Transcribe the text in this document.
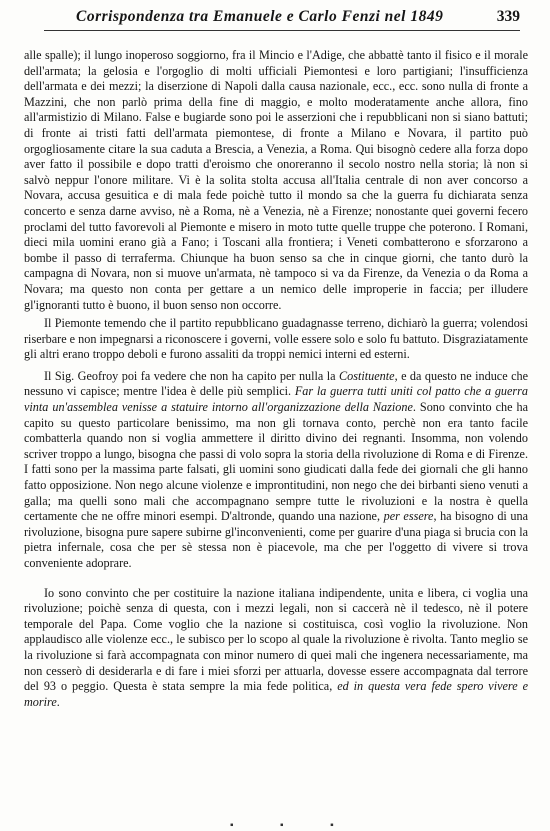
Corrispondenza tra Emanuele e Carlo Fenzi nel 1849	339

alle spalle); il lungo inoperoso soggiorno, fra il Mincio e l'Adige, che abbattè tanto il fisico e il morale dell'armata; la gelosia e l'orgoglio di molti ufficiali Piemontesi e loro partigiani; l'insufficienza dell'armata e dei mezzi; la diserzione di Napoli dalla causa nazionale, ecc., ecc. sono nulla di fronte a Mazzini, che non parlò prima della fine di maggio, e molto moderatamente anche allora, fino all'armistizio di Milano. False e bugiarde sono poi le asserzioni che i repubblicani non si siano battuti; di fronte ai tristi fatti dell'armata piemontese, di fronte a Milano e Novara, il partito può orgogliosamente citare la sua caduta a Brescia, a Venezia, a Roma. Qui bisognò cedere alla forza dopo aver fatto il possibile e dopo tratti d'eroismo che onoreranno il secolo nostro nella storia; là non si salvò neppur l'onore militare. Vi è la solita stolta accusa all'Italia centrale di non aver concorso a Novara, accusa gesuitica e di mala fede poichè tutto il mondo sa che la guerra fu dichiarata senza concerto e senza darne avviso, nè a Roma, nè a Venezia, nè a Firenze; nonostante quei governi fecero proclami del tutto favorevoli al Piemonte e misero in moto tutte quelle truppe che poterono. I Romani, dieci mila uomini erano già a Fano; i Toscani alla frontiera; i Veneti combatterono e sforzarono a bombe il passo di terraferma. Chiunque ha buon senso sa che in cinque giorni, che tanto durò la campagna di Novara, non si muove un'armata, nè tampoco si va da Firenze, da Venezia o da Roma a Novara; ma questo non conta per gettare a un nemico delle improperie in faccia; per illudere gl'ignoranti tutto è buono, il buon senso non occorre.

Il Piemonte temendo che il partito repubblicano guadagnasse terreno, dichiarò la guerra; volendosi riserbare e non impegnarsi a riconoscere i governi, volle essere solo e solo fu battuto. Disgraziatamente gli altri erano troppo deboli e furono assaliti da troppi nemici interni ed esterni.

Il Sig. Geofroy poi fa vedere che non ha capito per nulla la Costituente, e da questo ne induce che nessuno vi capisce; mentre l'idea è delle più semplici. Far la guerra tutti uniti col patto che a guerra vinta un'assemblea venisse a statuire intorno all'organizzazione della Nazione. Sono convinto che ha capito su questo particolare benissimo, ma non gli tornava conto, perchè non era tanto facile combatterla quando non si voglia ammettere il diritto divino dei regnanti. Insomma, non volendo scriver troppo a lungo, bisogna che passi di volo sopra la storia della rivoluzione di Roma e di Firenze. I fatti sono per la massima parte falsati, gli uomini sono giudicati dalla fede dei giornali che gli hanno fatto opposizione. Non nego alcune violenze e improntitudini, non nego che dei birbanti sieno venuti a galla; ma quelli sono mali che accompagnano sempre tutte le rivoluzioni e la nostra è quella certamente che ne offre minori esempi. D'altronde, quando una nazione, per essere, ha bisogno di una rivoluzione, bisogna pure sapere subirne gl'inconvenienti, come per guarire d'una piaga si brucia con la pietra infernale, cosa che per sè stessa non è piacevole, ma che per l'oggetto di vivere si trova conveniente adoprare.

Io sono convinto che per costituire la nazione italiana indipendente, unita e libera, ci voglia una rivoluzione; poichè senza di questa, con i mezzi legali, non si caccerà nè il tedesco, nè il potere temporale del Papa. Come voglio che la nazione si costituisca, così voglio la rivoluzione. Non applaudisco alle violenze ecc., le subisco per lo scopo al quale la rivoluzione è rivolta. Tanto meglio se la rivoluzione si farà accompagnata con minor numero di quei mali che ingenera necessariamente, ma non cesserò di desiderarla e di fare i miei sforzi per attuarla, dovesse essere accompagnata dal terrore del 93 o peggio. Questa è stata sempre la mia fede politica, ed in questa vera fede spero vivere e morire.

▪ ▪ ▪
